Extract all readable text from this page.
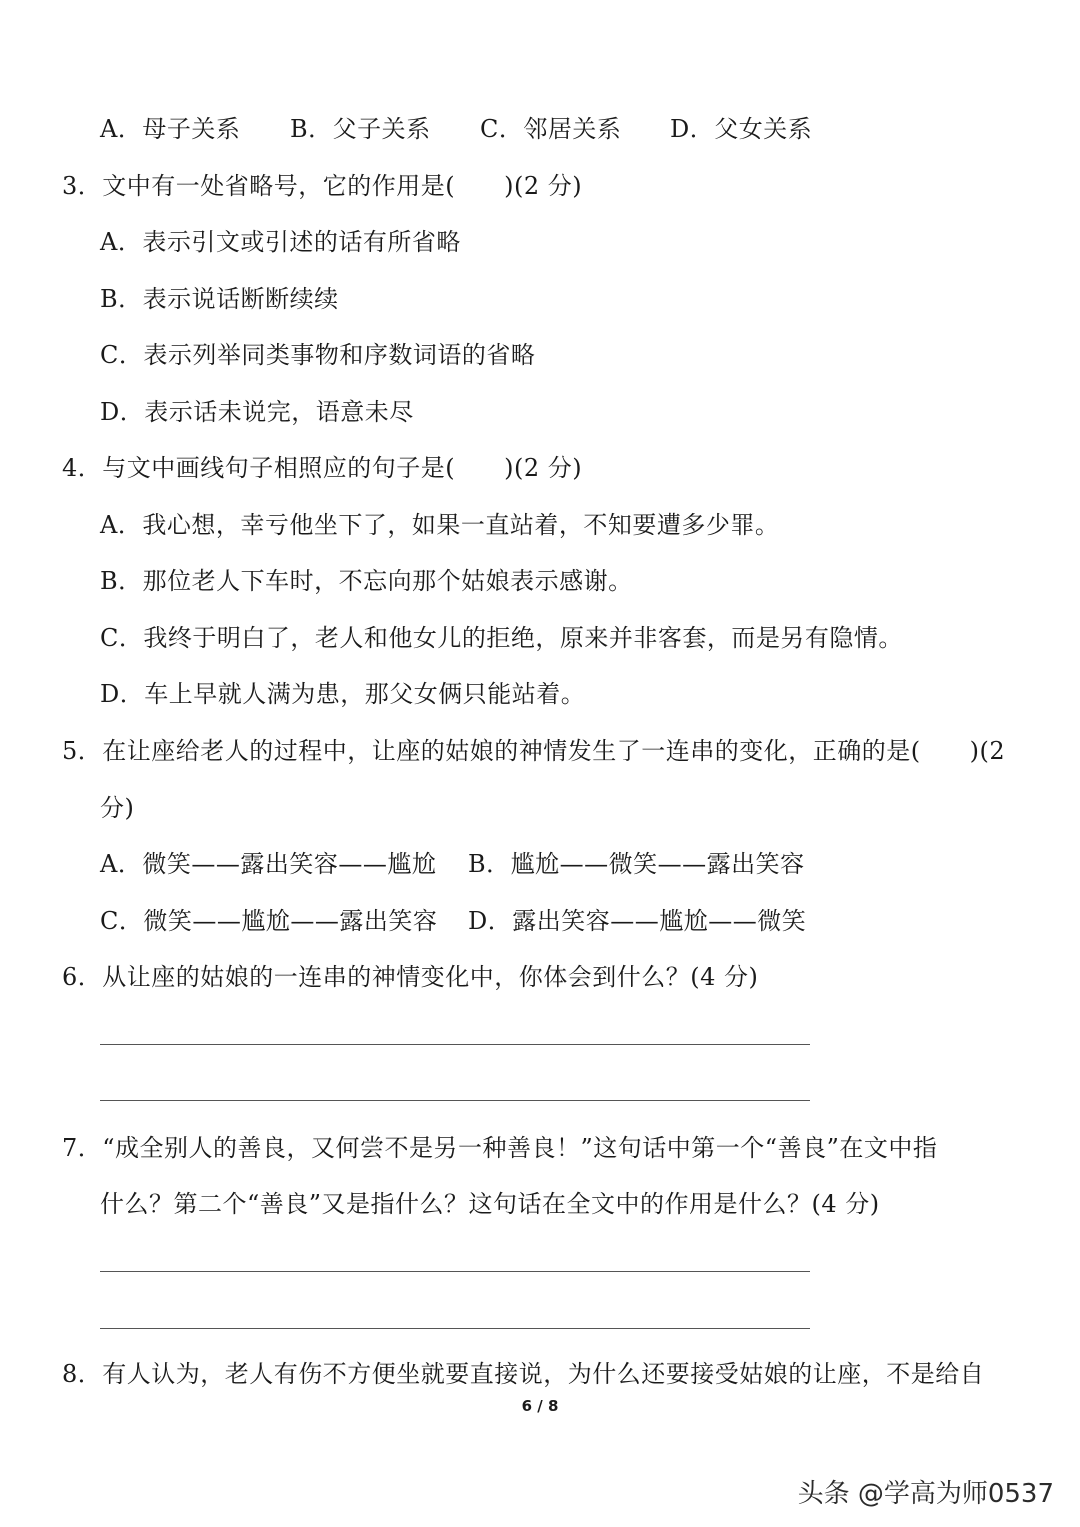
A．母子关系 B．父子关系 C．邻居关系 D．父女关系
3．文中有一处省略号，它的作用是(　　)(2 分)
A．表示引文或引述的话有所省略
B．表示说话断断续续
C．表示列举同类事物和序数词语的省略
D．表示话未说完，语意未尽
4．与文中画线句子相照应的句子是(　　)(2 分)
A．我心想，幸亏他坐下了，如果一直站着，不知要遭多少罪。
B．那位老人下车时，不忘向那个姑娘表示感谢。
C．我终于明白了，老人和他女儿的拒绝，原来并非客套，而是另有隐情。
D．车上早就人满为患，那父女俩只能站着。
5．在让座给老人的过程中，让座的姑娘的神情发生了一连串的变化，正确的是(　　)(2
分)
A．微笑——露出笑容——尴尬 B．尴尬——微笑——露出笑容
C．微笑——尴尬——露出笑容 D．露出笑容——尴尬——微笑
6．从让座的姑娘的一连串的神情变化中，你体会到什么？(4 分)
7．“成全别人的善良，又何尝不是另一种善良！”这句话中第一个“善良”在文中指
什么？第二个“善良”又是指什么？这句话在全文中的作用是什么？(4 分)
8．有人认为，老人有伤不方便坐就要直接说，为什么还要接受姑娘的让座，不是给自
6 / 8
头条 @学高为师0537
